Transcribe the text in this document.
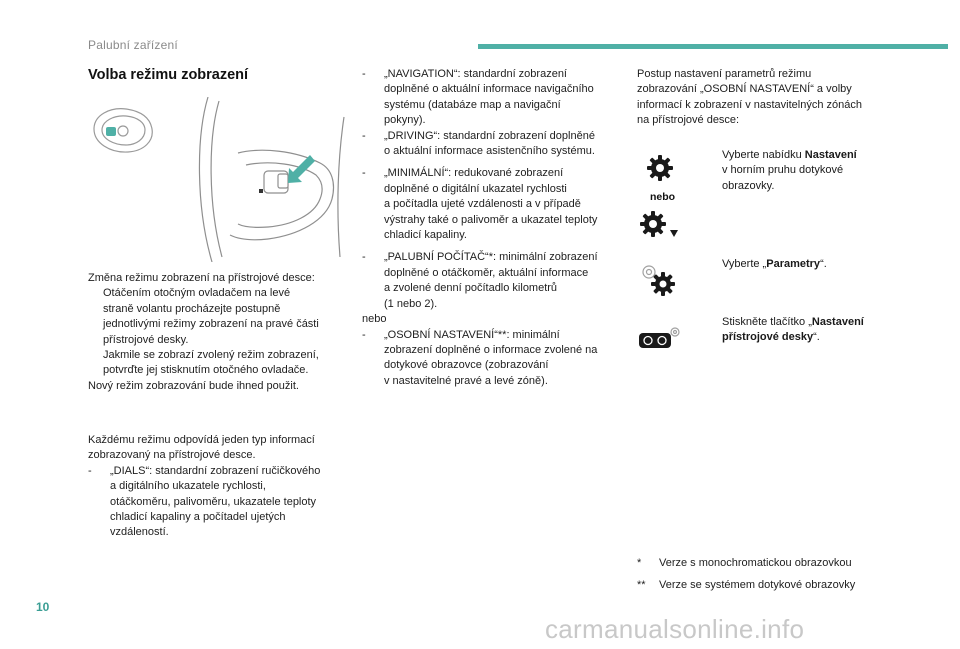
Palubní zařízení
Volba režimu zobrazení

Změna režimu zobrazení na přístrojové desce:

Otáčením otočným ovladačem na levé
straně volantu procházejte postupně
jednotlivými režimy zobrazení na pravé části
přístrojové desky.
Jakmile se zobrazí zvolený režim zobrazení,
potvrďte jej stisknutím otočného ovladače.

Nový režim zobrazování bude ihned použit.

Každému režimu odpovídá jeden typ informací

zobrazovaný na přístrojové desce.

-	„DIALS“: standardní zobrazení ručičkového
a digitálního ukazatele rychlosti,
otáčkoměru, palivoměru, ukazatele teploty
chladicí kapaliny a počítadel ujetých
vzdáleností.
-	„NAVIGATION“: standardní zobrazení
doplněné o aktuální informace navigačního
systému (databáze map a navigační
pokyny).
-	„DRIVING“: standardní zobrazení doplněné
o aktuální informace asistenčního systému.
-	„MINIMÁLNÍ“: redukované zobrazení
doplněné o digitální ukazatel rychlosti
a počítadla ujeté vzdálenosti a v případě
výstrahy také o palivoměr a ukazatel teploty
chladicí kapaliny.
-	„PALUBNÍ POČÍTAČ“*: minimální zobrazení
doplněné o otáčkoměr, aktuální informace
a zvolené denní počítadlo kilometrů
(1 nebo 2).

nebo

-	„OSOBNÍ NASTAVENÍ“**: minimální
zobrazení doplněné o informace zvolené na
dotykové obrazovce (zobrazování
v nastavitelné pravé a levé zóně).
Postup nastavení parametrů režimu
zobrazování „OSOBNÍ NASTAVENÍ“ a volby
informací k zobrazení v nastavitelných zónách
na přístrojové desce:
nebo
Vyberte nabídku Nastavení
v horním pruhu dotykové
obrazovky.
Vyberte „Parametry“.
Stiskněte tlačítko „Nastavení
přístrojové desky“.
*	Verze s monochromatickou obrazovkou
**	Verze se systémem dotykové obrazovky
10
carmanualsonline.info
